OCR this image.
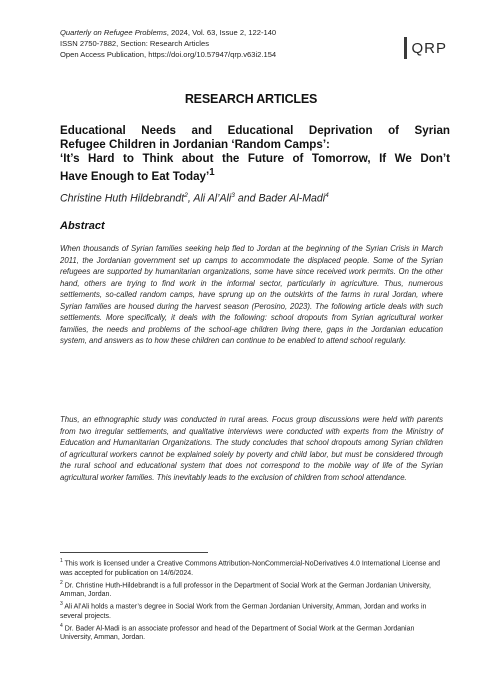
Quarterly on Refugee Problems, 2024, Vol. 63, Issue 2, 122-140
ISSN 2750-7882, Section: Research Articles
Open Access Publication, https://doi.org/10.57947/qrp.v63i2.154	QRP
RESEARCH ARTICLES
Educational Needs and Educational Deprivation of Syrian
Refugee Children in Jordanian ‘Random Camps’:
‘It’s Hard to Think about the Future of Tomorrow, If We Don’t
Have Enough to Eat Today’$^1$
Christine Huth Hildebrandt$^2$, Ali Al’Ali$^3$ and Bader Al-Madi$^4$
Abstract
When thousands of Syrian families seeking help fled to Jordan at the beginning of the Syrian Crisis in March 2011, the Jordanian government set up camps to accommodate the displaced people. Some of the Syrian refugees are supported by humanitarian organizations, some have since received work permits. On the other hand, others are trying to find work in the informal sector, particularly in agriculture. Thus, numerous settlements, so-called random camps, have sprung up on the outskirts of the farms in rural Jordan, where Syrian families are housed during the harvest season (Perosino, 2023). The following article deals with such settlements. More specifically, it deals with the following: school dropouts from Syrian agricultural worker families, the needs and problems of the school-age children living there, gaps in the Jordanian education system, and answers as to how these children can continue to be enabled to attend school regularly.
Thus, an ethnographic study was conducted in rural areas. Focus group discussions were held with parents from two irregular settlements, and qualitative interviews were conducted with experts from the Ministry of Education and Humanitarian Organizations. The study concludes that school dropouts among Syrian children of agricultural workers cannot be explained solely by poverty and child labor, but must be considered through the rural school and educational system that does not correspond to the mobile way of life of the Syrian agricultural worker families. This inevitably leads to the exclusion of children from school attendance.

$^1$ This work is licensed under a Creative Commons Attribution-NonCommercial-NoDerivatives 4.0 International License and was accepted for publication on 14/6/2024.

$^2$ Dr. Christine Huth-Hildebrandt is a full professor in the Department of Social Work at the German Jordanian University, Amman, Jordan.

$^3$ Ali Al’Ali holds a master’s degree in Social Work from the German Jordanian University, Amman, Jordan and works in several projects.

$^4$ Dr. Bader Al-Madi is an associate professor and head of the Department of Social Work at the German Jordanian University, Amman, Jordan.
